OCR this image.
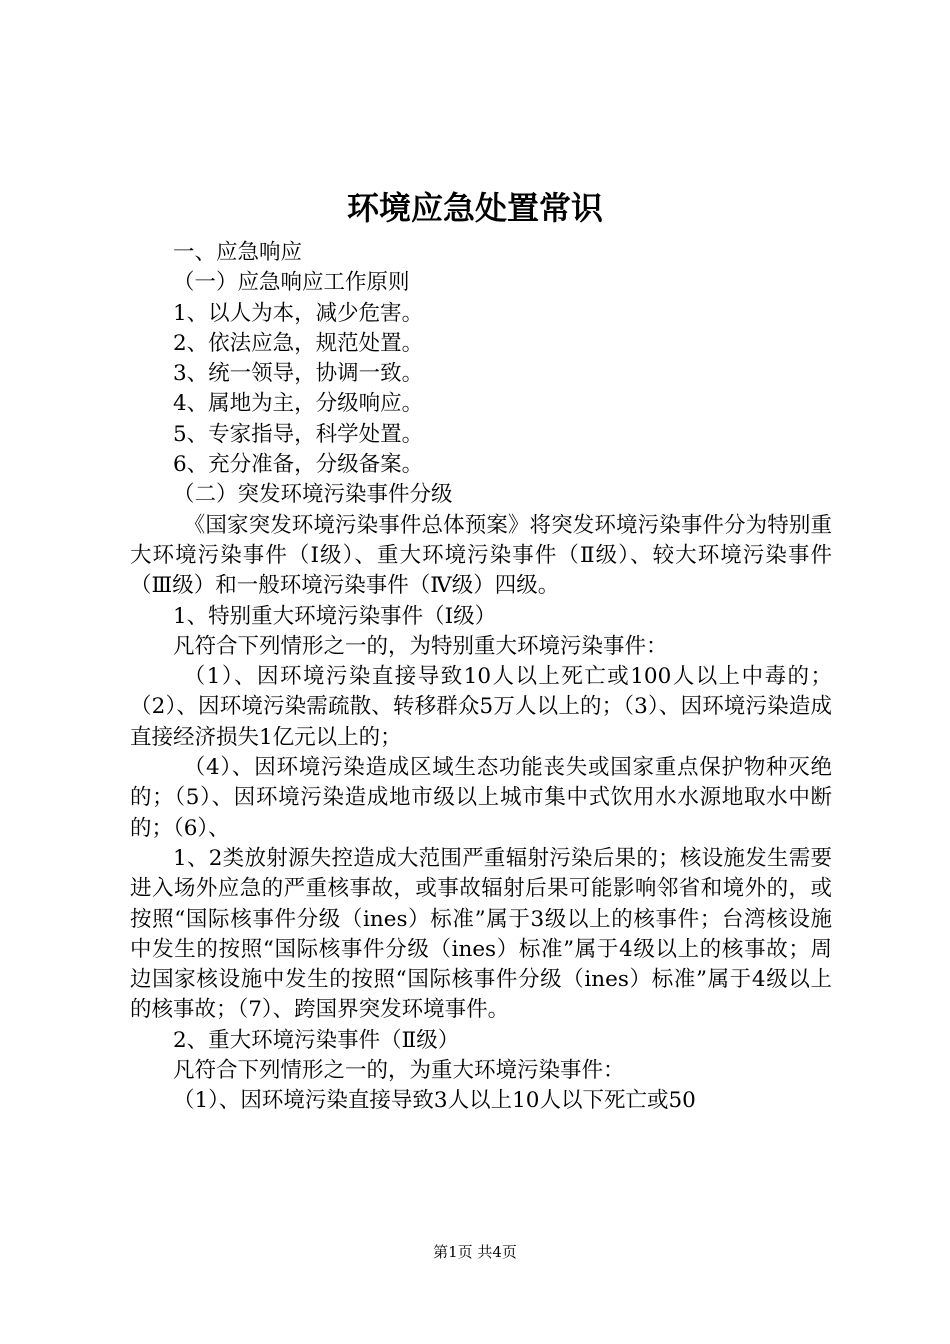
环境应急处置常识

一、应急响应

（一）应急响应工作原则

1、以人为本，减少危害。

2、依法应急，规范处置。

3、统一领导，协调一致。

4、属地为主，分级响应。

5、专家指导，科学处置。

6、充分准备，分级备案。

（二）突发环境污染事件分级

《国家突发环境污染事件总体预案》将突发环境污染事件分为特别重大环境污染事件（Ⅰ级）、重大环境污染事件（Ⅱ级）、较大环境污染事件（Ⅲ级）和一般环境污染事件（Ⅳ级）四级。

1、特别重大环境污染事件（Ⅰ级）

凡符合下列情形之一的，为特别重大环境污染事件：

（1）、因环境污染直接导致10人以上死亡或100人以上中毒的；（2）、因环境污染需疏散、转移群众5万人以上的；（3）、因环境污染造成直接经济损失1亿元以上的；

（4）、因环境污染造成区域生态功能丧失或国家重点保护物种灭绝的；（5）、因环境污染造成地市级以上城市集中式饮用水水源地取水中断的；（6）、

1、2类放射源失控造成大范围严重辐射污染后果的；核设施发生需要进入场外应急的严重核事故，或事故辐射后果可能影响邻省和境外的，或按照“国际核事件分级（ines）标准”属于3级以上的核事件；台湾核设施中发生的按照“国际核事件分级（ines）标准”属于4级以上的核事故；周边国家核设施中发生的按照“国际核事件分级（ines）标准”属于4级以上的核事故；（7）、跨国界突发环境事件。

2、重大环境污染事件（Ⅱ级）

凡符合下列情形之一的，为重大环境污染事件：

（1）、因环境污染直接导致3人以上10人以下死亡或50

第1页 共4页
